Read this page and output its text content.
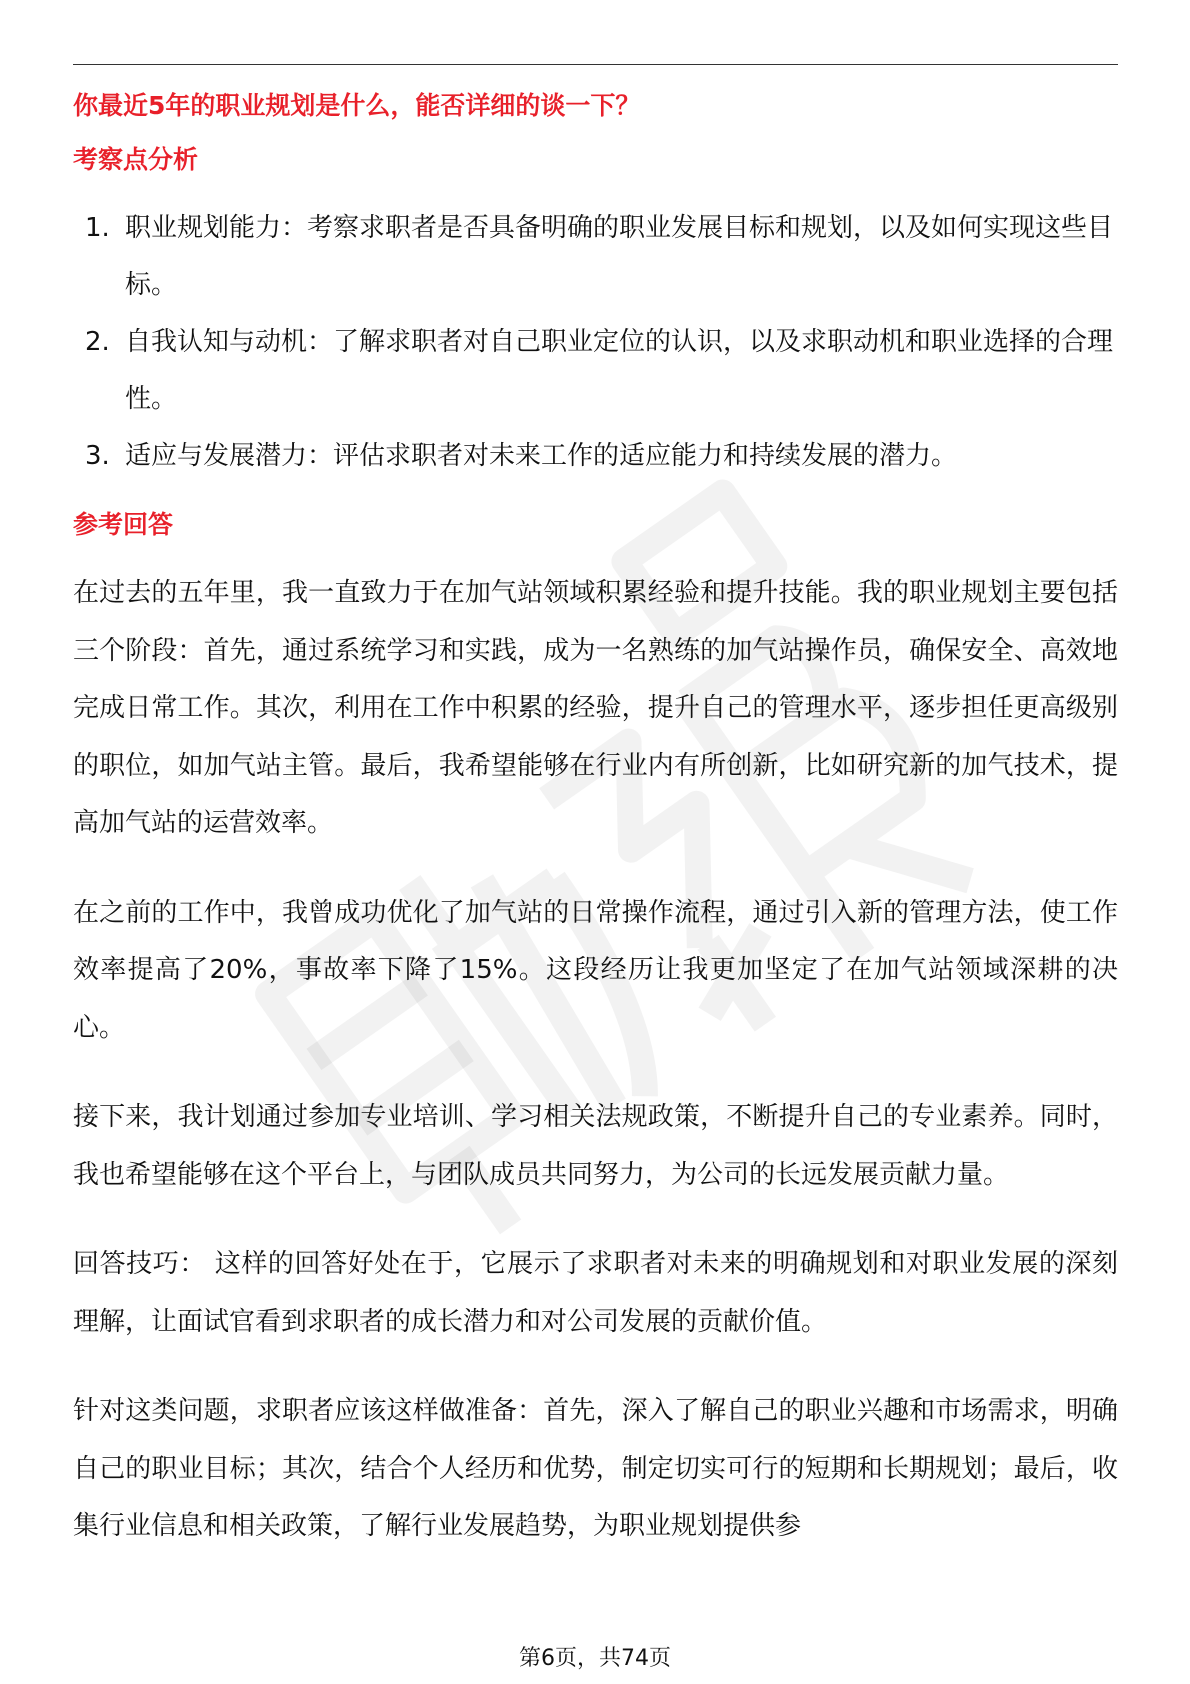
你最近5年的职业规划是什么，能否详细的谈一下？
考察点分析
1. 职业规划能力：考察求职者是否具备明确的职业发展目标和规划，以及如何实现这些目标。
2. 自我认知与动机：了解求职者对自己职业定位的认识，以及求职动机和职业选择的合理性。
3. 适应与发展潜力：评估求职者对未来工作的适应能力和持续发展的潜力。
参考回答

在过去的五年里，我一直致力于在加气站领域积累经验和提升技能。我的职业规划主要包括三个阶段：首先，通过系统学习和实践，成为一名熟练的加气站操作员，确保安全、高效地完成日常工作。其次，利用在工作中积累的经验，提升自己的管理水平，逐步担任更高级别的职位，如加气站主管。最后，我希望能够在行业内有所创新，比如研究新的加气技术，提高加气站的运营效率。

在之前的工作中，我曾成功优化了加气站的日常操作流程，通过引入新的管理方法，使工作效率提高了20%，事故率下降了15%。这段经历让我更加坚定了在加气站领域深耕的决心。

接下来，我计划通过参加专业培训、学习相关法规政策，不断提升自己的专业素养。同时，我也希望能够在这个平台上，与团队成员共同努力，为公司的长远发展贡献力量。

回答技巧： 这样的回答好处在于，它展示了求职者对未来的明确规划和对职业发展的深刻理解，让面试官看到求职者的成长潜力和对公司发展的贡献价值。

针对这类问题，求职者应该这样做准备：首先，深入了解自己的职业兴趣和市场需求，明确自己的职业目标；其次，结合个人经历和优势，制定切实可行的短期和长期规划；最后，收集行业信息和相关政策，了解行业发展趋势，为职业规划提供参

第6页，共74页
